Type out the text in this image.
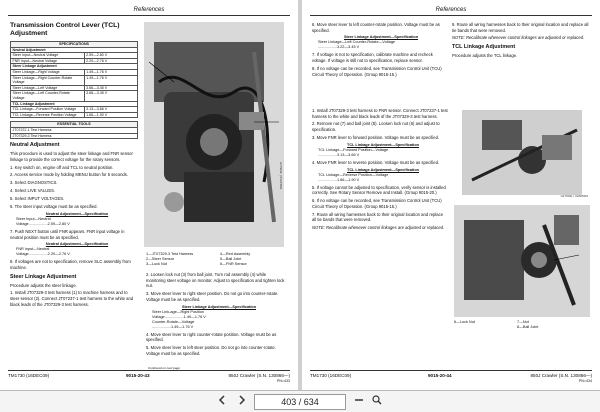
References
Transmission Control Lever (TCL) Adjustment
SPECIFICATIONS	
Neutral Adjustment	
Steer Input—Neutral Voltage	2.59—2.80 V
FNR Input—Neutral Voltage	2.29—2.76 V
Steer Linkage Adjustment	
Steer Linkage—Right Voltage	1.49—1.76 V
Steer Linkage—Right Counter-Rotate Voltage	1.49—1.76 V
Steer Linkage—Left Voltage	3.66—3.45 V
Steer Linkage—Left Counter-Rotate Voltage	3.68—3.45 V
TCL Linkage Adjustment	
TCL Linkage—Forward Position Voltage	3.13—3.66 V
TCL Linkage—Reverse Position Voltage	1.66—1.90 V
ESSENTIAL TOOLS
JT07237-1 Test Harness
JT07329-3 Test Harness
Neutral Adjustment
This procedure is used to adjust the steer linkage and FNR sensor linkage to provide the correct voltage for the rotary sensors.
1. Key switch on, engine off and TCL to neutral position.
2. Access service mode by holding MENU button for 5 seconds.
3. Select DIAGNOSTICS.
4. Select LIVE VALUES.
5. Select INPUT VOLTAGES.
6. The steer input voltage must be as specified.
Neutral Adjustment—Specification
Steer Input—Neutral
Voltage..................2.59—2.80 V
7. Push NEXT button until FNR appears. FNR input voltage in neutral position must be as specified.
Neutral Adjustment—Specification
FNR Input—Neutral
Voltage..................2.29—2.76 V
8. If voltages are not to specification, remove SLC assembly from machine.
Steer Linkage Adjustment
Procedure adjusts the steer linkage.
1. Install JT07329-3 test harness (1) to machine harness and to steer sensor (2). Connect JT07237-1 test harness to the white and black leads of the JT07329-3 test harness.
H17903L | 03APR02
1—JT07329-3 Test Harness
2—Steer Sensor
3—Lock Nut
4—Red Assembly
5—Ball Joint
6—FNR Sensor
2. Loosen lock nut (3) from ball joint. Turn rod assembly (4) while monitoring steer voltage on monitor. Adjust to specification and tighten lock nut.
3. Move steer lever to right steer position. Do not go into counter-rotate. Voltage must be as specified.
Steer Linkage Adjustment—Specification
Steer Link-age—Right Position
Voltage..................1.49—1.76 V
Counter-Rotate—Voltage
..................1.49—1.76 V
4. Move steer lever to right counter-rotate position. Voltage must be as specified.
5. Move steer lever to left steer position. Do not go into counter-rotate. Voltage must be as specified.
TM1730 (16DEC09)	9015-20-43	850J Crawler (S.N. 130866—)
PN=433
Continued on next page
References
6. Move steer lever to left counter-rotate position. Voltage must be as specified.
Steer Linkage Adjustment—Specification
Steer Linkage—Left Counter-Rotate—Voltage
..................3.22—3.45 V
7. If voltage is not to specification, calibrate machine and recheck voltage. If voltage is still not to specification, replace sensor.
8. If no voltage can be recorded, see Transmission Control Unit (TCU) Circuit Theory of Operation. (Group 9015-15.)
9. Route all wiring harnesses back to their original location and replace all tie bands that were removed.
NOTE: Recalibrate whenever control linkages are adjusted or replaced.
TCL Linkage Adjustment
Procedure adjusts the TCL linkage.
H17904L | 03APR02
1. Install JT07329-3 test harness to FNR sensor. Connect JT07237-1 test harness to the white and black leads of the JT07329-3 test harness.
2. Remove nut (7) and ball joint (8). Loosen lock nut (6) and adjust to specification.
3. Move FNR lever to forward position. Voltage must be as specified.
TCL Linkage Adjustment—Specification
TCL Linkage—Forward Position—Voltage
..................3.13—3.66 V
4. Move FNR lever to reverse position. Voltage must be as specified.
TCL Linkage Adjustment—Specification
TCL Linkage—Reverse Position—Voltage
..................1.66—1.90 V
5. If voltage cannot be adjusted to specification, verify sensor is installed correctly. See Rotary Sensor Remove and Install. (Group 9015-20.)
6. If no voltage can be recorded, see Transmission Control Unit (TCU) Circuit Theory of Operation. (Group 9015-15.)
7. Route all wiring harnesses back to their original location and replace all tie bands that were removed.
NOTE: Recalibrate whenever control linkages are adjusted or replaced.
6—Lock Nut	7—Nut
8—Ball Joint
TM1730 (16DEC09)	9015-20-44	850J Crawler (S.N. 130866—)
PN=434
403 / 634
